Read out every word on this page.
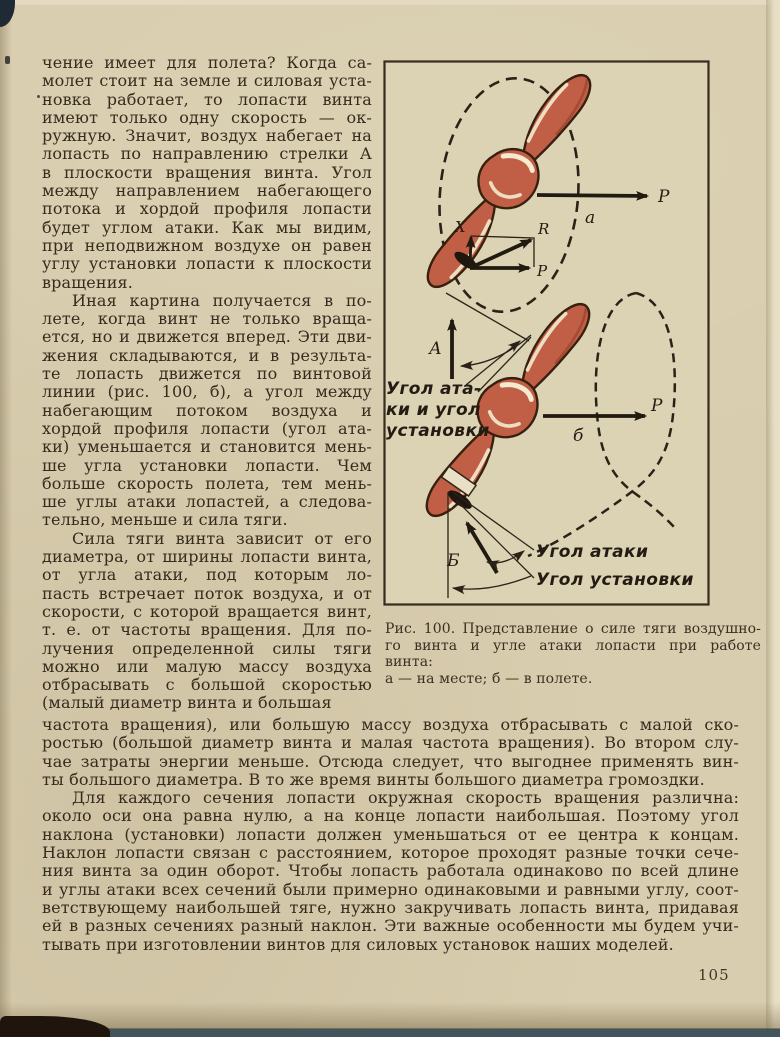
чение имеет для полета? Когда са-
молет стоит на земле и силовая уста-
новка работает, то лопасти винта
имеют только одну скорость — ок-
ружную. Значит, воздух набегает на
лопасть по направлению стрелки А
в плоскости вращения винта. Угол
между направлением набегающего
потока и хордой профиля лопасти
будет углом атаки. Как мы видим,
при неподвижном воздухе он равен
углу установки лопасти к плоскости
вращения.
Иная картина получается в по-
лете, когда винт не только враща-
ется, но и движется вперед. Эти дви-
жения складываются, и в результа-
те лопасть движется по винтовой
линии (рис. 100, б), а угол между
набегающим потоком воздуха и
хордой профиля лопасти (угол ата-
ки) уменьшается и становится мень-
ше угла установки лопасти. Чем
больше скорость полета, тем мень-
ше углы атаки лопастей, а следова-
тельно, меньше и сила тяги.
Сила тяги винта зависит от его
диаметра, от ширины лопасти винта,
от угла атаки, под которым ло-
пасть встречает поток воздуха, и от
скорости, с которой вращается винт,
т. е. от частоты вращения. Для по-
лучения определенной силы тяги
можно или малую массу воздуха
отбрасывать с большой скоростью
(малый диаметр винта и большая
частота вращения), или большую массу воздуха отбрасывать с малой ско-
ростью (большой диаметр винта и малая частота вращения). Во втором слу-
чае затраты энергии меньше. Отсюда следует, что выгоднее применять вин-
ты большого диаметра. В то же время винты большого диаметра громоздки.
Для каждого сечения лопасти окружная скорость вращения различна:
около оси она равна нулю, а на конце лопасти наибольшая. Поэтому угол
наклона (установки) лопасти должен уменьшаться от ее центра к концам.
Наклон лопасти связан с расстоянием, которое проходят разные точки сече-
ния винта за один оборот. Чтобы лопасть работала одинаково по всей длине
и углы атаки всех сечений были примерно одинаковыми и равными углу, соот-
ветствующему наибольшей тяге, нужно закручивать лопасть винта, придавая
ей в разных сечениях разный наклон. Эти важные особенности мы будем учи-
тывать при изготовлении винтов для силовых установок наших моделей.
P
а
X	R
P
А
Угол ата-
ки и угол
установки
P
б
Б	Угол атаки
Угол установки
Рис. 100. Представление о силе тяги воздушно-
го винта и угле атаки лопасти при работе
винта:
а — на месте; б — в полете.
105
